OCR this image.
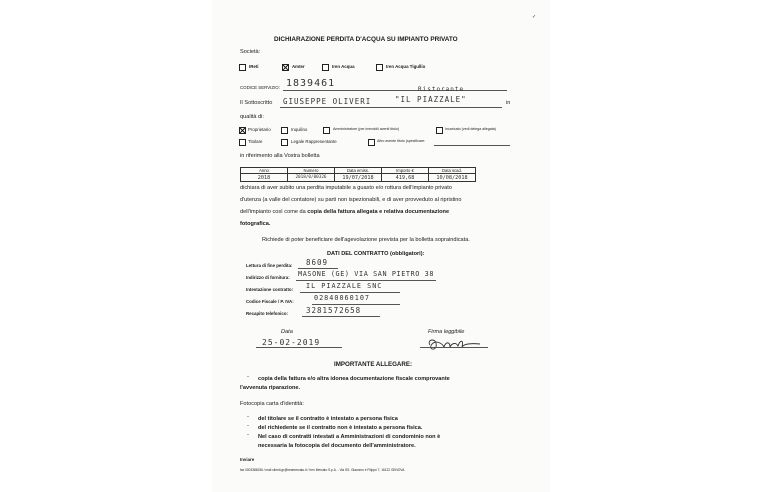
DICHIARAZIONE PERDITA D'ACQUA SU IMPIANTO PRIVATO
Società:
IReti	Amter	Iren Acqua	Iren Acqua Tigullio
CODICE SERVIZIO: 1839461
Il Sottoscritto GIUSEPPE OLIVERI
Ristorante
"IL PIAZZALE"	in
qualità di:
Proprietario	Inquilino	Amministratore (per immobili aventi titolo)	Incaricato (vedi delega allegata)
Titolare	Legale Rappresentante	Altro avente titolo (specificare:
in riferimento alla Vostra bolletta
Anno	Numero	Data emiss.	Importo €	Data scad.
2018	2018/0/00326	19/07/2018	419,68	10/08/2018
dichiara di aver subito una perdita imputabile a guasto e/o rottura dell'impianto privato
d'utenza (a valle del contatore) su parti non ispezionabili, e di aver provveduto al ripristino
dell'impianto così come da copia della fattura allegata e relativa documentazione
fotografica.
Richiede di poter beneficiare dell'agevolazione prevista per la bolletta sopraindicata.
DATI DEL CONTRATTO (obbligatori):
Lettura di fine perdita: 8609
Indirizzo di fornitura: MASONE (GE) VIA SAN PIETRO 38
Intestazione contratto: IL PIAZZALE SNC
Codice Fiscale / P. IVA:	02840060107
Recapito telefonico: 3281572658
Data
25-02-2019
Firma leggibile
IMPORTANTE ALLEGARE:
- copia della fattura e/o altra idonea documentazione fiscale comprovante
l'avvenuta riparazione.
Fotocopia carta d'identità:
- del titolare se il contratto è intestato a persona fisica
- del richiedente se il contratto non è intestato a persona fisica.
- Nel caso di contratti intestati a Amministrazioni di condominio non è
necessaria la fotocopia del documento dell'amministratore.
Inviare
fax 0003386256 / mail clienti.gr@ireamercato.it / Iren Mercato S.p.A. - Via SS. Giacomo e Filippo 7, 16122 GENOVA
✓
